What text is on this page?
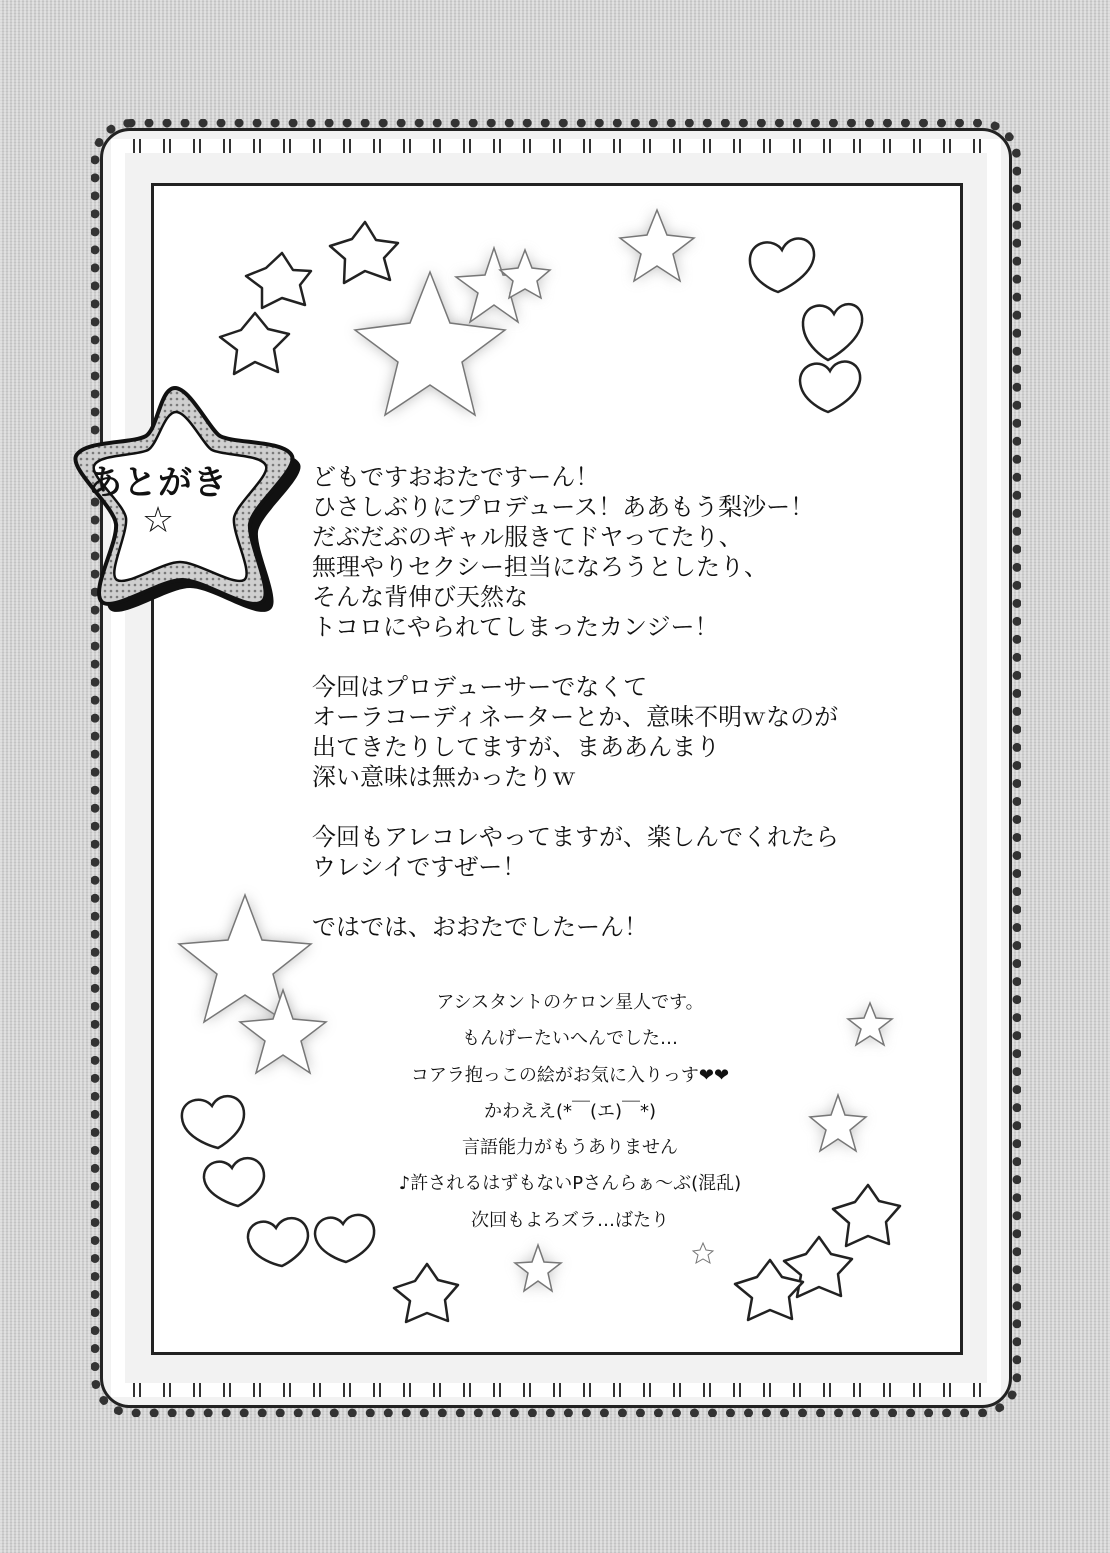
あとがき
☆

どもですおおたですーん！
ひさしぶりにプロデュース！ああもう梨沙ー！
だぶだぶのギャル服きてドヤってたり、
無理やりセクシー担当になろうとしたり、
そんな背伸び天然な
トコロにやられてしまったカンジー！

今回はプロデューサーでなくて
オーラコーディネーターとか、意味不明ｗなのが
出てきたりしてますが、まああんまり
深い意味は無かったりｗ

今回もアレコレやってますが、楽しんでくれたら
ウレシイですぜー！

ではでは、おおたでしたーん！

アシスタントのケロン星人です。
もんげーたいへんでした…
コアラ抱っこの絵がお気に入りっす❤❤
かわええ(*￣(エ)￣*)
言語能力がもうありません
♪許されるはずもないPさんらぁ～ぶ(混乱)
次回もよろズラ…ばたり
